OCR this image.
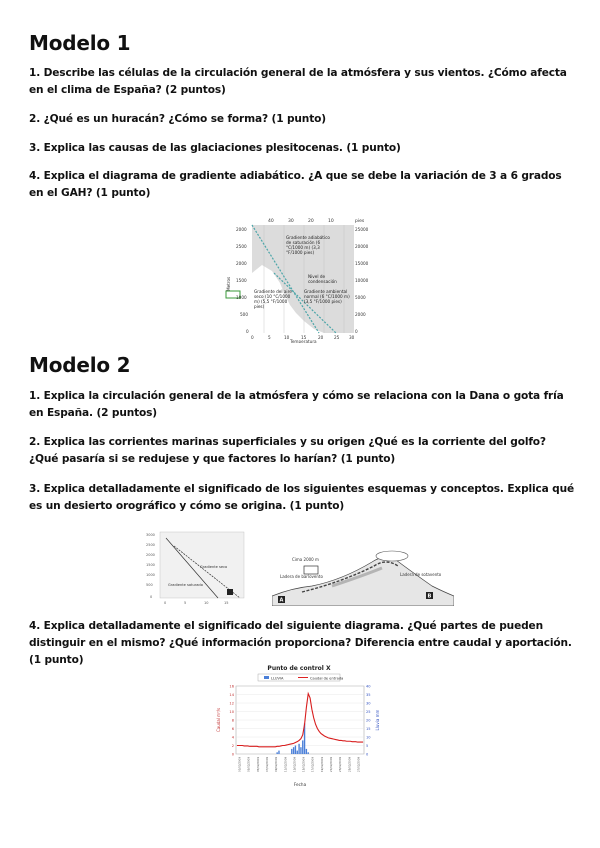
Modelo 1

1. Describe las células de la circulación general de la atmósfera y sus vientos. ¿Cómo afecta en el clima de España? (2 puntos)

2. ¿Qué es un huracán? ¿Cómo se forma? (1 punto)

3. Explica las causas de las glaciaciones plesitocenas. (1 punto)

4. Explica el diagrama de gradiente adiabático. ¿A que se debe la variación de 3 a 6 grados en el GAH? (1 punto)

40	30	20	10	pies
2000
2500
2000
1500
1000
500
0
Metros
25000
20000
15000
10000
5000
2000
0
0	5	10	15	20	25 30
Temperatura
Gradiente adiabático de saturación (6 °C/1000 m) (3,3 °F/1000 pies)
Nivel de condensación
Gradiente del aire seco (10 °C/1000 m) (5,5 °F/1000 pies)
Gradiente ambiental normal (6 °C/1000 m) (3,5 °F/1000 pies)
Modelo 2

1. Explica la circulación general de la atmósfera y cómo se relaciona con la Dana o gota fría en España. (2 puntos)

2. Explica las corrientes marinas superficiales y su origen ¿Qué es la corriente del golfo? ¿Qué pasaría si se redujese y que factores lo harían? (1 punto)

3. Explica detalladamente el significado de los siguientes esquemas y conceptos. Explica qué es un desierto orográfico y cómo se origina. (1 punto)

3000
2500
2000
1500
1000
500
0
Gradiente seco
Gradiente saturado
0	5	10	15
Cima 2000 m
Ladera de sotavento
Ladera de barlovento
A
B

4. Explica detalladamente el significado del siguiente diagrama. ¿Qué partes de pueden distinguir en el mismo? ¿Qué información proporciona? Diferencia entre caudal y aportación. (1 punto)

Punto de control X
LLUVIA	Caudal de entrada
0
2
4
6
8
10
12
14
16
0
5
10
15
20
25
30
35
40
01/02/2009	03/02/2009	05/02/2009	07/02/2009	09/02/2009	11/02/2009	13/02/2009	15/02/2009	17/02/2009	19/02/2009	21/02/2009	23/02/2009	25/02/2009	27/02/2009
Caudal m³/s	Lluvia mm
Fecha
